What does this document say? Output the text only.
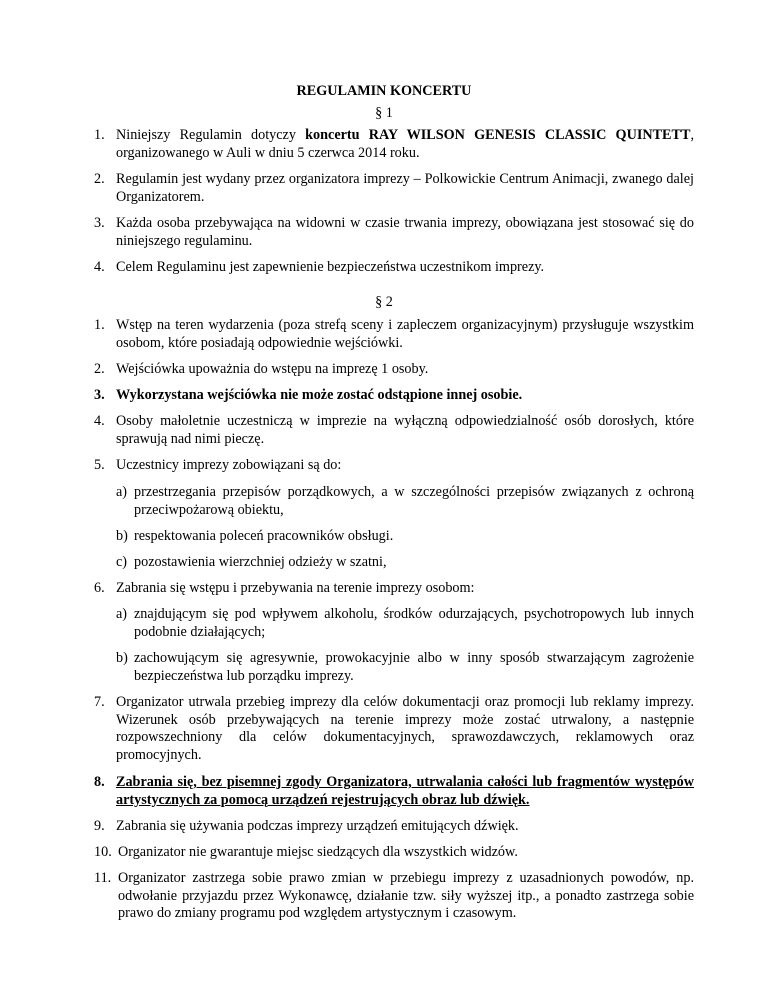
REGULAMIN KONCERTU
§ 1
1. Niniejszy Regulamin dotyczy koncertu RAY WILSON GENESIS CLASSIC QUINTETT, organizowanego w Auli w dniu 5 czerwca 2014 roku.
2. Regulamin jest wydany przez organizatora imprezy – Polkowickie Centrum Animacji, zwanego dalej Organizatorem.
3. Każda osoba przebywająca na widowni w czasie trwania imprezy, obowiązana jest stosować się do niniejszego regulaminu.
4. Celem Regulaminu jest zapewnienie bezpieczeństwa uczestnikom imprezy.
§ 2
1. Wstęp na teren wydarzenia (poza strefą sceny i zapleczem organizacyjnym) przysługuje wszystkim osobom, które posiadają odpowiednie wejściówki.
2. Wejściówka upoważnia do wstępu na imprezę 1 osoby.
3. Wykorzystana wejściówka nie może zostać odstąpione innej osobie.
4. Osoby małoletnie uczestniczą w imprezie na wyłączną odpowiedzialność osób dorosłych, które sprawują nad nimi pieczę.
5. Uczestnicy imprezy zobowiązani są do:
a) przestrzegania przepisów porządkowych, a w szczególności przepisów związanych z ochroną przeciwpożarową obiektu,
b) respektowania poleceń pracowników obsługi.
c) pozostawienia wierzchniej odzieży w szatni,
6. Zabrania się wstępu i przebywania na terenie imprezy osobom:
a) znajdującym się pod wpływem alkoholu, środków odurzających, psychotropowych lub innych podobnie działających;
b) zachowującym się agresywnie, prowokacyjnie albo w inny sposób stwarzającym zagrożenie bezpieczeństwa lub porządku imprezy.
7. Organizator utrwala przebieg imprezy dla celów dokumentacji oraz promocji lub reklamy imprezy. Wizerunek osób przebywających na terenie imprezy może zostać utrwalony, a następnie rozpowszechniony dla celów dokumentacyjnych, sprawozdawczych, reklamowych oraz promocyjnych.
8. Zabrania się, bez pisemnej zgody Organizatora, utrwalania całości lub fragmentów występów artystycznych za pomocą urządzeń rejestrujących obraz lub dźwięk.
9. Zabrania się używania podczas imprezy urządzeń emitujących dźwięk.
10. Organizator nie gwarantuje miejsc siedzących dla wszystkich widzów.
11. Organizator zastrzega sobie prawo zmian w przebiegu imprezy z uzasadnionych powodów, np. odwołanie przyjazdu przez Wykonawcę, działanie tzw. siły wyższej itp., a ponadto zastrzega sobie prawo do zmiany programu pod względem artystycznym i czasowym.
